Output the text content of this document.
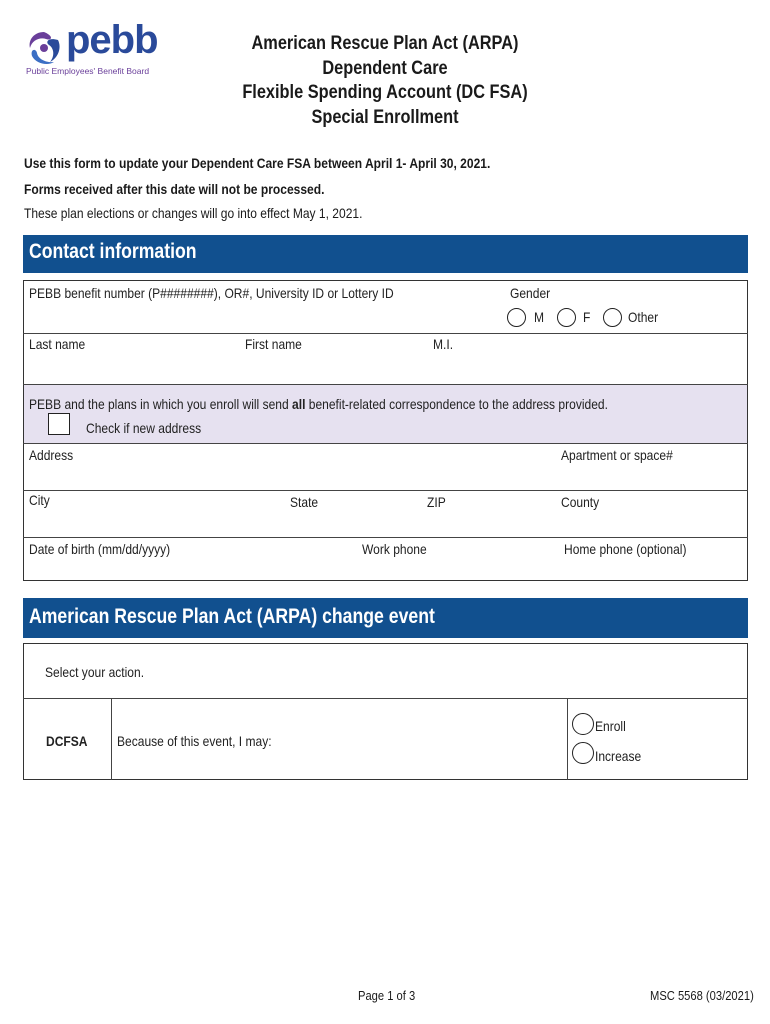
pebb
Public Employees' Benefit Board
American Rescue Plan Act (ARPA)
Dependent Care
Flexible Spending Account (DC FSA)
Special Enrollment
Use this form to update your Dependent Care FSA between April 1- April 30, 2021.
Forms received after this date will not be processed.
These plan elections or changes will go into effect May 1, 2021.
Contact information
PEBB benefit number (P########), OR#, University ID or Lottery ID	Gender
M	F	Other
Last name	First name	M.I.
PEBB and the plans in which you enroll will send all benefit-related correspondence to the address provided.
Check if new address
Address	Apartment or space#
City	State	ZIP	County
Date of birth (mm/dd/yyyy)	Work phone	Home phone (optional)
American Rescue Plan Act (ARPA) change event
Select your action.
DCFSA	Because of this event, I may:
Enroll
Increase
Page 1 of 3	MSC 5568 (03/2021)
